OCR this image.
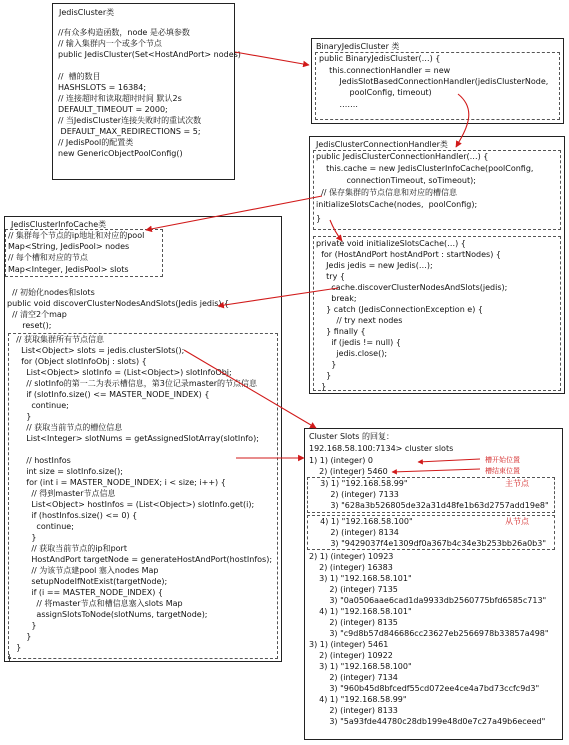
JedisCluster类
//有众多构造函数，node 是必填参数
// 输入集群内一个或多个节点
public JedisCluster(Set<HostAndPort> nodes)
//  槽的数目
HASHSLOTS = 16384;
// 连接超时和读取超时时间 默认2s
DEFAULT_TIMEOUT = 2000;
// 当JedisCluster连接失败时的重试次数
DEFAULT_MAX_REDIRECTIONS = 5;
// JedisPool的配置类
new GenericObjectPoolConfig()
BinaryJedisCluster 类
public BinaryJedisCluster(…) {
this.connectionHandler = new
JedisSlotBasedConnectionHandler(jedisClusterNode,
poolConfig, timeout)
…….
JedisClusterConnectionHandler类
public JedisClusterConnectionHandler(…) {
this.cache = new JedisClusterInfoCache(poolConfig,
connectionTimeout, soTimeout);
// 保存集群的节点信息和对应的槽信息
initializeSlotsCache(nodes,  poolConfig);
}
private void initializeSlotsCache(…) {
for (HostAndPort hostAndPort : startNodes) {
Jedis jedis = new Jedis(…);
try {
cache.discoverClusterNodesAndSlots(jedis);
break;
} catch (JedisConnectionException e) {
// try next nodes
} finally {
if (jedis != null) {
jedis.close();
}
}
}
JedisClusterInfoCache类
// 集群每个节点的ip地址和对应的pool
Map<String, JedisPool> nodes
// 每个槽和对应的节点
Map<Integer, JedisPool> slots
// 初始化nodes和slots
public void discoverClusterNodesAndSlots(Jedis jedis) {
// 清空2个map
reset();
// 获取集群所有节点信息
List<Object> slots = jedis.clusterSlots();
for (Object slotInfoObj : slots) {
List<Object> slotInfo = (List<Object>) slotInfoObj;
// slotInfo的第一二为表示槽信息，第3位记录master的节点信息
if (slotInfo.size() <= MASTER_NODE_INDEX) {
continue;
}
// 获取当前节点的槽位信息
List<Integer> slotNums = getAssignedSlotArray(slotInfo);
// hostInfos
int size = slotInfo.size();
for (int i = MASTER_NODE_INDEX; i < size; i++) {
// 得到master节点信息
List<Object> hostInfos = (List<Object>) slotInfo.get(i);
if (hostInfos.size() <= 0) {
continue;
}
// 获取当前节点的ip和port
HostAndPort targetNode = generateHostAndPort(hostInfos);
// 为该节点建pool 塞入nodes Map
setupNodeIfNotExist(targetNode);
if (i == MASTER_NODE_INDEX) {
// 将master节点和槽信息塞入slots Map
assignSlotsToNode(slotNums, targetNode);
}
}
}
}
Cluster Slots 的回复：
192.168.58.100:7134> cluster slots
1) 1) (integer) 0
2) (integer) 5460
3) 1) "192.168.58.99"
2) (integer) 7133
3) "628a3b526805de32a31d48fe1b63d2757add19e8"
4) 1) "192.168.58.100"
2) (integer) 8134
3) "9429037f4e1309df0a367b4c34e3b253bb26a0b3"
2) 1) (integer) 10923
2) (integer) 16383
3) 1) "192.168.58.101"
2) (integer) 7135
3) "0a0506aae6cad1da9933db2560775bfd6585c713"
4) 1) "192.168.58.101"
2) (integer) 8135
3) "c9d8b57d846686cc23627eb2566978b33857a498"
3) 1) (integer) 5461
2) (integer) 10922
3) 1) "192.168.58.100"
2) (integer) 7134
3) "960b45d8bfcedf55cd072ee4ce4a7bd73ccfc9d3"
4) 1) "192.168.58.99"
2) (integer) 8133
3) "5a93fde44780c28db199e48d0e7c27a49b6eceed"
槽开始位置
槽结束位置
主节点
从节点
